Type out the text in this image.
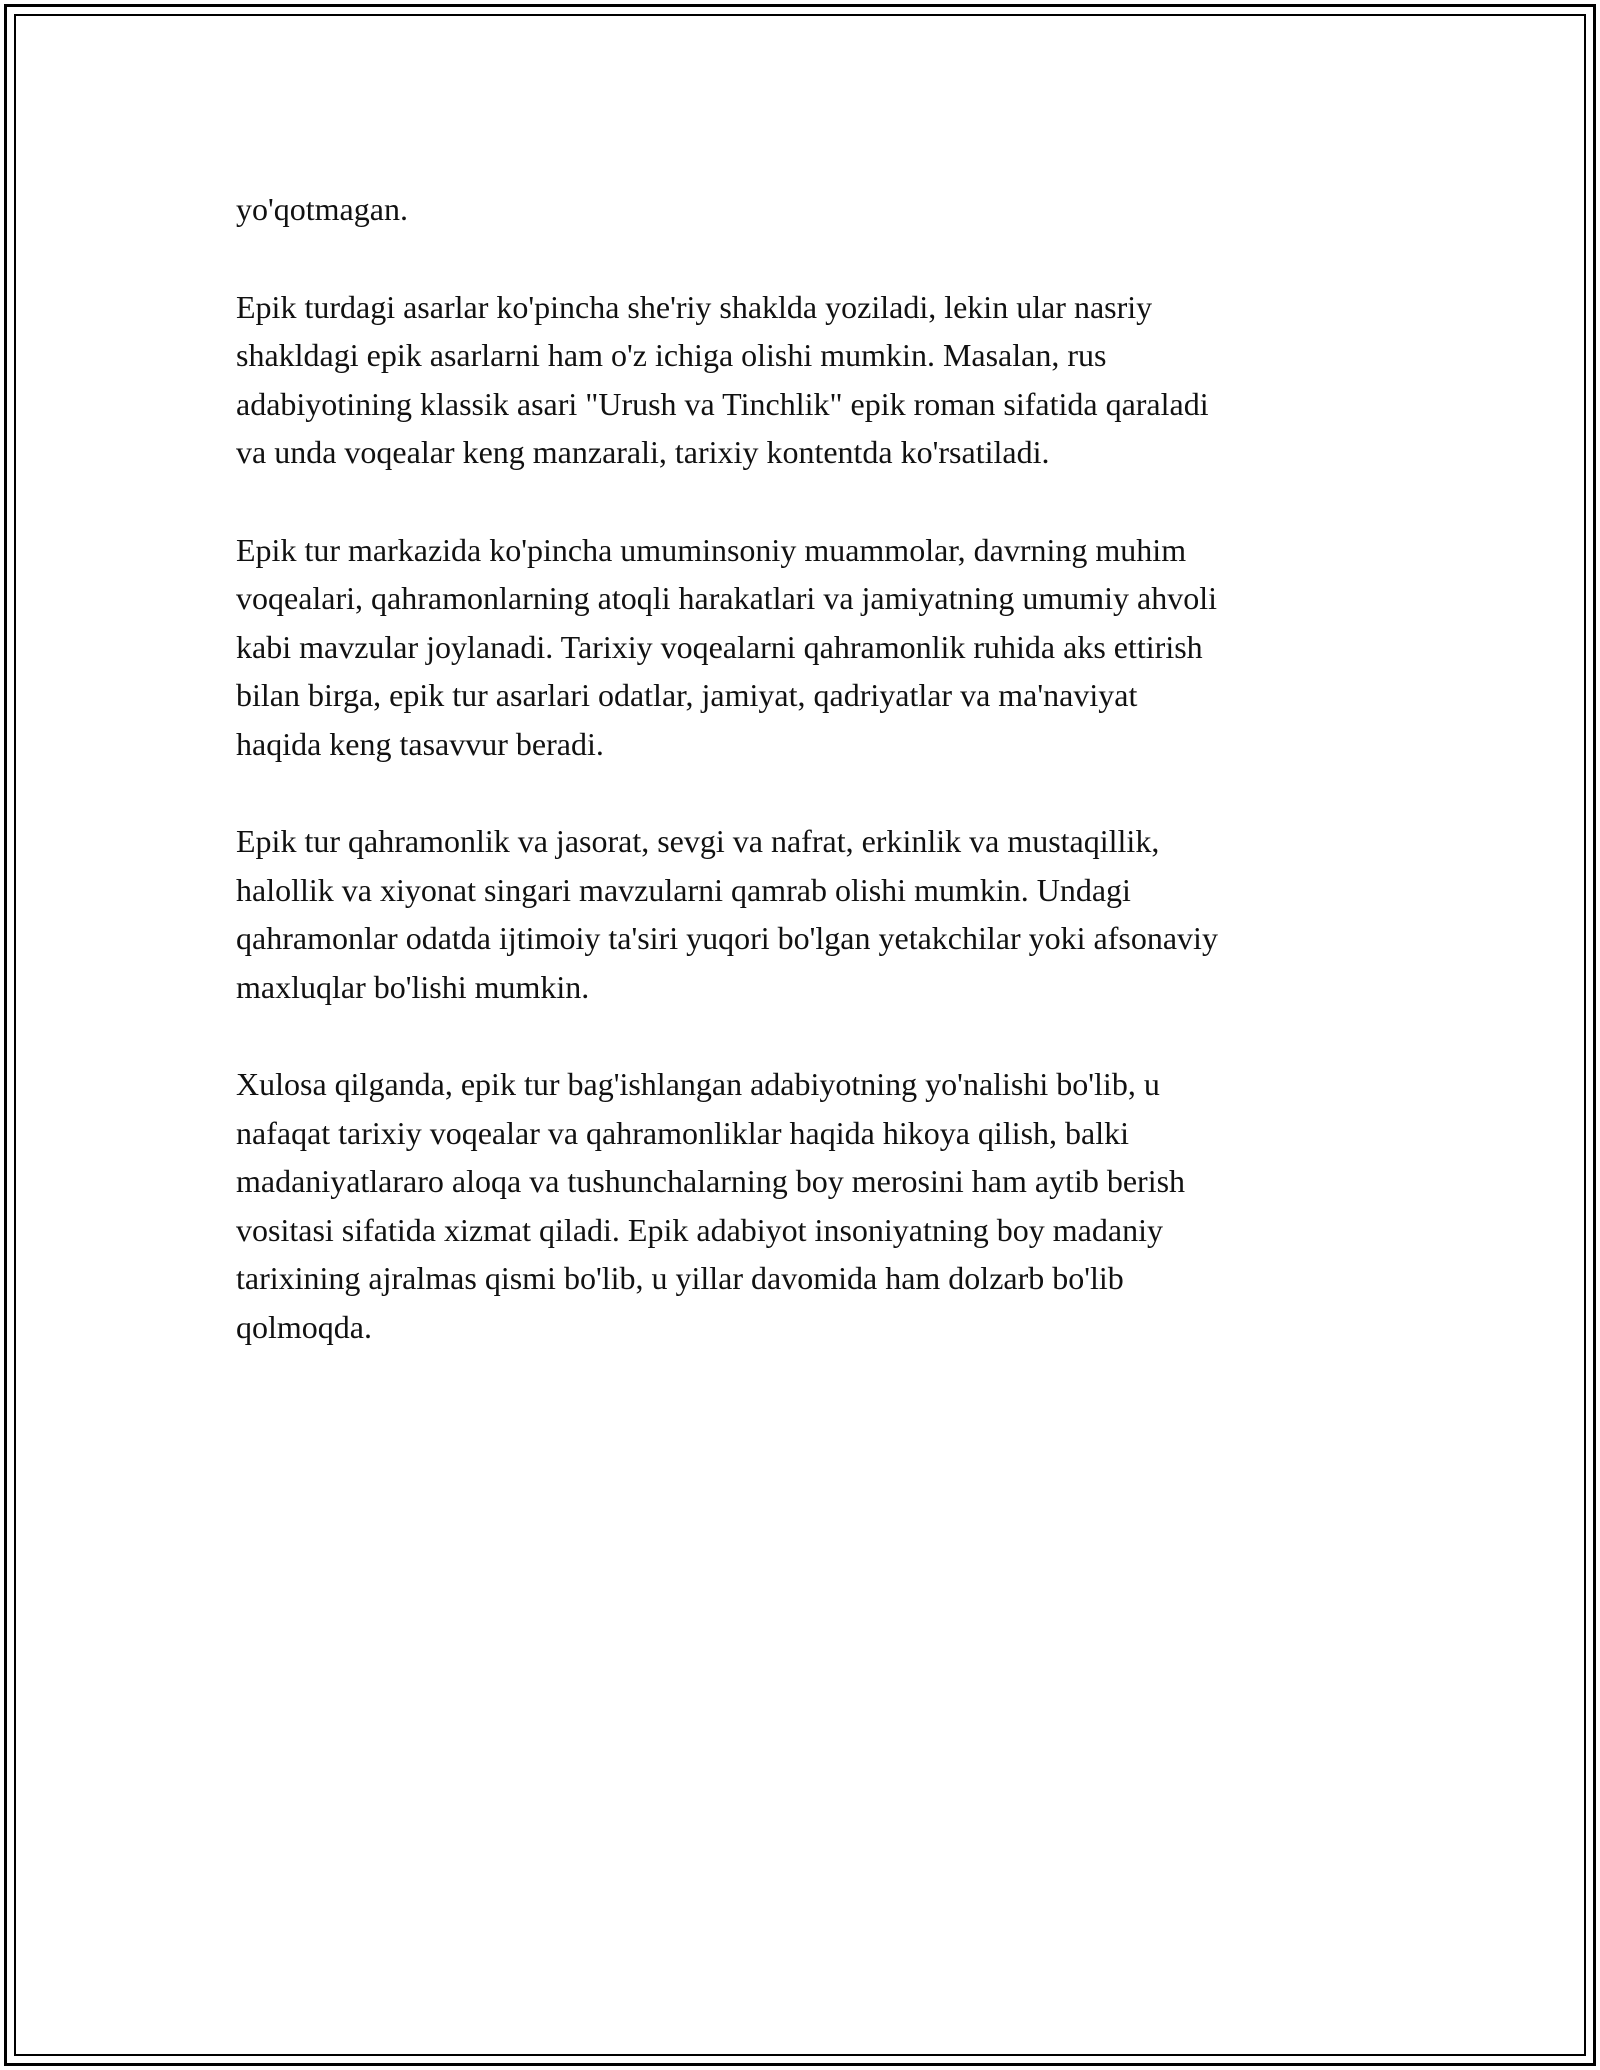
yo'qotmagan.

Epik turdagi asarlar ko'pincha she'riy shaklda yoziladi, lekin ular nasriy
shakldagi epik asarlarni ham o'z ichiga olishi mumkin. Masalan, rus
adabiyotining klassik asari "Urush va Tinchlik" epik roman sifatida qaraladi
va unda voqealar keng manzarali, tarixiy kontentda ko'rsatiladi.

Epik tur markazida ko'pincha umuminsoniy muammolar, davrning muhim
voqealari, qahramonlarning atoqli harakatlari va jamiyatning umumiy ahvoli
kabi mavzular joylanadi. Tarixiy voqealarni qahramonlik ruhida aks ettirish
bilan birga, epik tur asarlari odatlar, jamiyat, qadriyatlar va ma'naviyat
haqida keng tasavvur beradi.

Epik tur qahramonlik va jasorat, sevgi va nafrat, erkinlik va mustaqillik,
halollik va xiyonat singari mavzularni qamrab olishi mumkin. Undagi
qahramonlar odatda ijtimoiy ta'siri yuqori bo'lgan yetakchilar yoki afsonaviy
maxluqlar bo'lishi mumkin.

Xulosa qilganda, epik tur bag'ishlangan adabiyotning yo'nalishi bo'lib, u
nafaqat tarixiy voqealar va qahramonliklar haqida hikoya qilish, balki
madaniyatlararo aloqa va tushunchalarning boy merosini ham aytib berish
vositasi sifatida xizmat qiladi. Epik adabiyot insoniyatning boy madaniy
tarixining ajralmas qismi bo'lib, u yillar davomida ham dolzarb bo'lib
qolmoqda.
